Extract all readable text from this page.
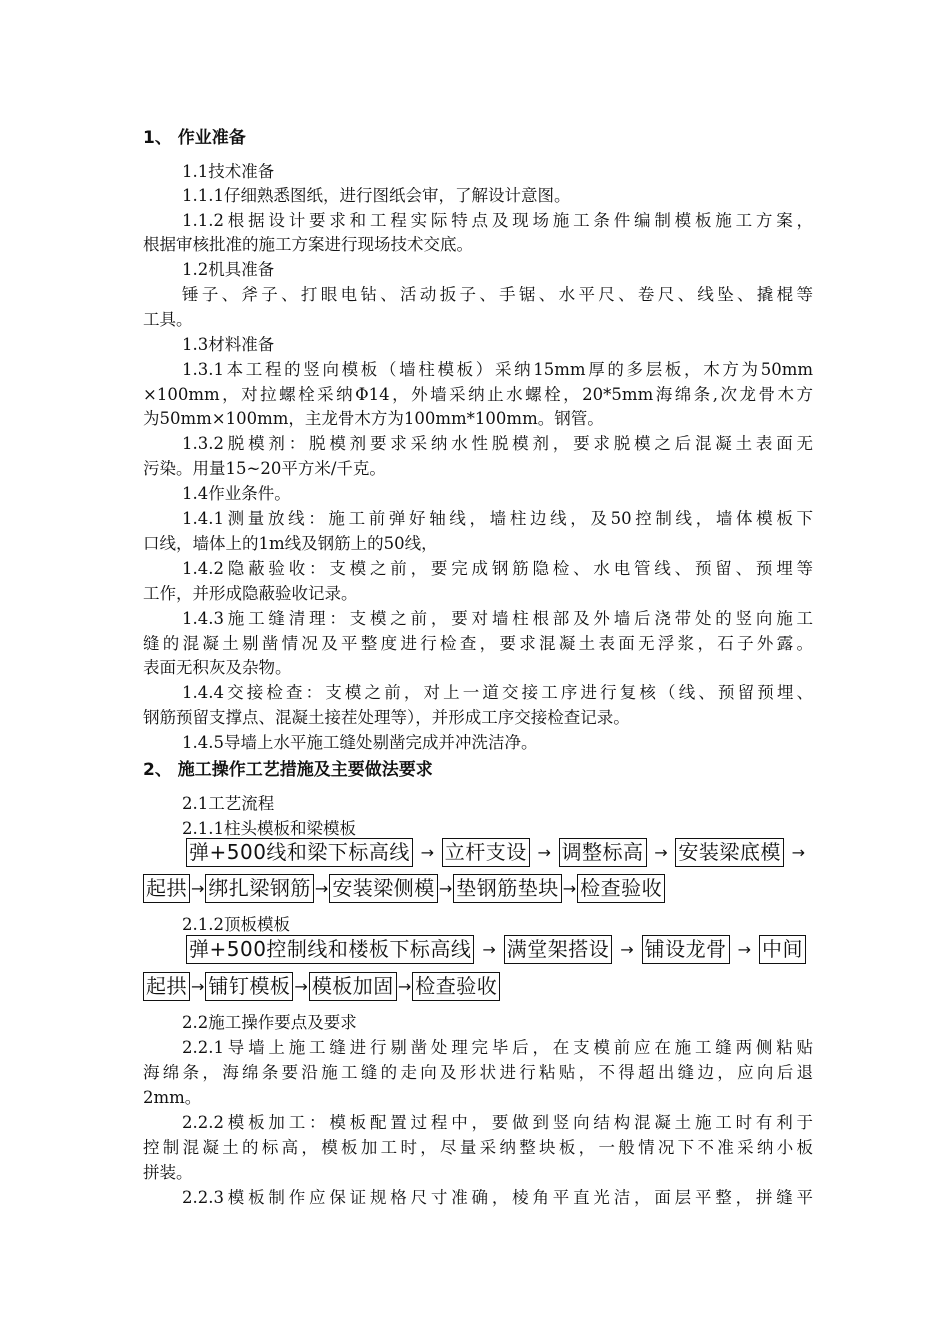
1、 作业准备
1.1技术准备
1.1.1仔细熟悉图纸，进行图纸会审，了解设计意图。
1.1.2根据设计要求和工程实际特点及现场施工条件编制模板施工方案，
根据审核批准的施工方案进行现场技术交底。
1.2机具准备
锤子、斧子、打眼电钻、活动扳子、手锯、水平尺、卷尺、线坠、撬棍等
工具。
1.3材料准备
1.3.1本工程的竖向模板（墙柱模板）采纳15mm厚的多层板，木方为50mm
×100mm，对拉螺栓采纳Φ14，外墙采纳止水螺栓，20*5mm海绵条,次龙骨木方
为50mm×100mm，主龙骨木方为100mm*100mm。钢管。
1.3.2脱模剂：脱模剂要求采纳水性脱模剂，要求脱模之后混凝土表面无
污染。用量15~20平方米/千克。
1.4作业条件。
1.4.1测量放线：施工前弹好轴线，墙柱边线，及50控制线，墙体模板下
口线，墙体上的1m线及钢筋上的50线，
1.4.2隐蔽验收：支模之前，要完成钢筋隐检、水电管线、预留、预埋等
工作，并形成隐蔽验收记录。
1.4.3施工缝清理：支模之前，要对墙柱根部及外墙后浇带处的竖向施工
缝的混凝土剔凿情况及平整度进行检查，要求混凝土表面无浮浆，石子外露。
表面无积灰及杂物。
1.4.4交接检查：支模之前，对上一道交接工序进行复核（线、预留预埋、
钢筋预留支撑点、混凝土接茬处理等），并形成工序交接检查记录。
1.4.5导墙上水平施工缝处剔凿完成并冲洗洁净。
2、 施工操作工艺措施及主要做法要求
2.1工艺流程
2.1.1柱头模板和梁模板
弹+500线和梁下标高线 → 立杆支设 → 调整标高 → 安装梁底模 →
起拱 → 绑扎梁钢筋 → 安装梁侧模 → 垫钢筋垫块 → 检查验收
2.1.2顶板模板
弹+500控制线和楼板下标高线 → 满堂架搭设 → 铺设龙骨 → 中间
起拱 → 铺钉模板 → 模板加固 → 检查验收
2.2施工操作要点及要求
2.2.1导墙上施工缝进行剔凿处理完毕后，在支模前应在施工缝两侧粘贴
海绵条，海绵条要沿施工缝的走向及形状进行粘贴，不得超出缝边，应向后退
2mm。
2.2.2模板加工：模板配置过程中，要做到竖向结构混凝土施工时有利于
控制混凝土的标高，模板加工时，尽量采纳整块板，一般情况下不准采纳小板
拼装。
2.2.3模板制作应保证规格尺寸准确，棱角平直光洁，面层平整，拼缝平
